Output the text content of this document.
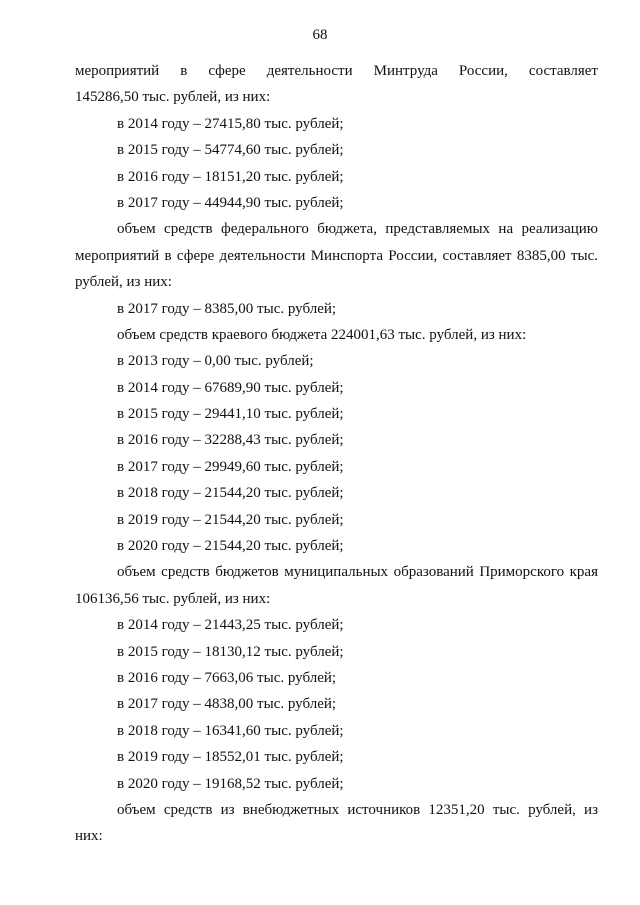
68
мероприятий в сфере деятельности Минтруда России, составляет
145286,50 тыс. рублей, из них:
в 2014 году – 27415,80 тыс. рублей;
в 2015 году – 54774,60 тыс. рублей;
в 2016 году – 18151,20 тыс. рублей;
в 2017 году – 44944,90 тыс. рублей;
объем средств федерального бюджета, представляемых на реализацию
мероприятий в сфере деятельности Минспорта России, составляет 8385,00 тыс.
рублей, из них:
в 2017 году – 8385,00 тыс. рублей;
объем средств краевого бюджета 224001,63 тыс. рублей, из них:
в 2013 году – 0,00 тыс. рублей;
в 2014 году – 67689,90 тыс. рублей;
в 2015 году – 29441,10 тыс. рублей;
в 2016 году – 32288,43 тыс. рублей;
в 2017 году – 29949,60 тыс. рублей;
в 2018 году – 21544,20 тыс. рублей;
в 2019 году – 21544,20 тыс. рублей;
в 2020 году – 21544,20 тыс. рублей;
объем средств бюджетов муниципальных образований Приморского края
106136,56 тыс. рублей, из них:
в 2014 году – 21443,25 тыс. рублей;
в 2015 году – 18130,12 тыс. рублей;
в 2016 году – 7663,06 тыс. рублей;
в 2017 году – 4838,00 тыс. рублей;
в 2018 году – 16341,60 тыс. рублей;
в 2019 году – 18552,01 тыс. рублей;
в 2020 году – 19168,52 тыс. рублей;
объем средств из внебюджетных источников 12351,20 тыс. рублей, из
них:
